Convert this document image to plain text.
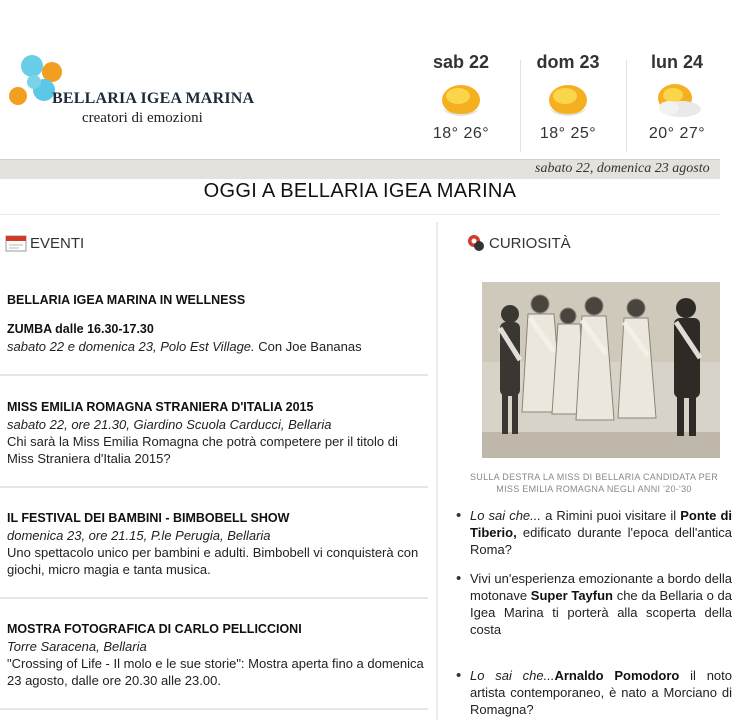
BELLARIA IGEA MARINA
creatori di emozioni
sab 22
18° 26°
dom 23
18° 25°
lun 24
20° 27°
sabato 22, domenica 23 agosto
OGGI A BELLARIA IGEA MARINA
EVENTI
BELLARIA IGEA MARINA IN WELLNESS
ZUMBA dalle 16.30-17.30
sabato 22 e domenica 23, Polo Est Village. Con Joe Bananas
MISS EMILIA ROMAGNA STRANIERA D'ITALIA 2015
sabato 22, ore 21.30, Giardino Scuola Carducci, Bellaria
Chi sarà la Miss Emilia Romagna che potrà competere per il titolo di Miss Straniera d'Italia 2015?
IL FESTIVAL DEI BAMBINI - BIMBOBELL SHOW
domenica 23, ore 21.15, P.le Perugia, Bellaria
Uno spettacolo unico per bambini e adulti. Bimbobell vi conquisterà con giochi, micro magia e tanta musica.
MOSTRA FOTOGRAFICA DI CARLO PELLICCIONI
Torre Saracena, Bellaria
"Crossing of Life - Il molo e le sue storie": Mostra aperta fino a domenica 23 agosto, dalle ore 20.30 alle 23.00.
CURIOSITÀ
SULLA DESTRA LA MISS DI BELLARIA CANDIDATA PER MISS EMILIA ROMAGNA NEGLI ANNI '20-'30
• Lo sai che... a Rimini puoi visitare il Ponte di Tiberio, edificato durante l'epoca dell'antica Roma?
• Vivi un'esperienza emozionante a bordo della motonave Super Tayfun che da Bellaria o da Igea Marina ti porterà alla scoperta della costa
• Lo sai che...Arnaldo Pomodoro il noto artista contemporaneo, è nato a Morciano di Romagna?
